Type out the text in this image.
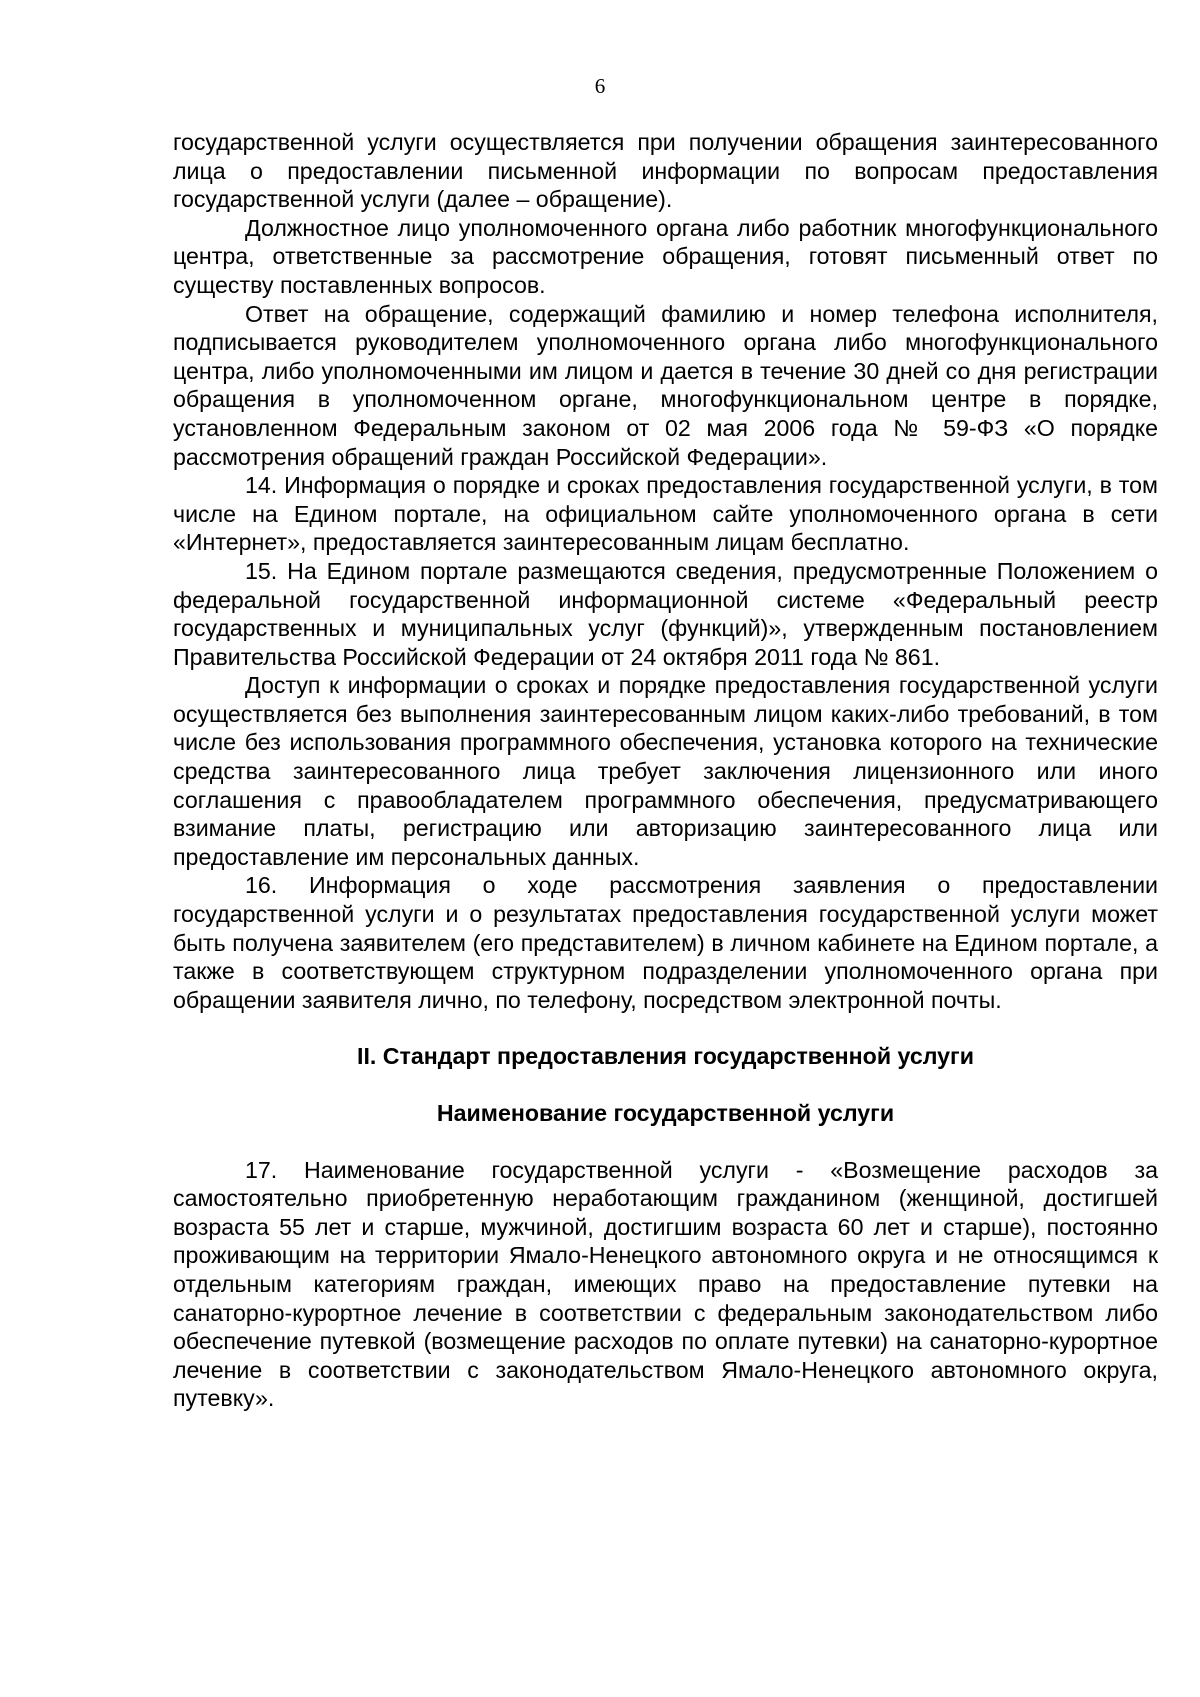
6

государственной услуги осуществляется при получении обращения заинтересованного лица о предоставлении письменной информации по вопросам предоставления государственной услуги (далее – обращение).

Должностное лицо уполномоченного органа либо работник многофункционального центра, ответственные за рассмотрение обращения, готовят письменный ответ по существу поставленных вопросов.

Ответ на обращение, содержащий фамилию и номер телефона исполнителя, подписывается руководителем уполномоченного органа либо многофункционального центра, либо уполномоченными им лицом и дается в течение 30 дней со дня регистрации обращения в уполномоченном органе, многофункциональном центре в порядке, установленном Федеральным законом от 02 мая 2006 года № 59-ФЗ «О порядке рассмотрения обращений граждан Российской Федерации».

14. Информация о порядке и сроках предоставления государственной услуги, в том числе на Едином портале, на официальном сайте уполномоченного органа в сети «Интернет», предоставляется заинтересованным лицам бесплатно.

15. На Едином портале размещаются сведения, предусмотренные Положением о федеральной государственной информационной системе «Федеральный реестр государственных и муниципальных услуг (функций)», утвержденным постановлением Правительства Российской Федерации от 24 октября 2011 года № 861.

Доступ к информации о сроках и порядке предоставления государственной услуги осуществляется без выполнения заинтересованным лицом каких-либо требований, в том числе без использования программного обеспечения, установка которого на технические средства заинтересованного лица требует заключения лицензионного или иного соглашения с правообладателем программного обеспечения, предусматривающего взимание платы, регистрацию или авторизацию заинтересованного лица или предоставление им персональных данных.

16. Информация о ходе рассмотрения заявления о предоставлении государственной услуги и о результатах предоставления государственной услуги может быть получена заявителем (его представителем) в личном кабинете на Едином портале, а также в соответствующем структурном подразделении уполномоченного органа при обращении заявителя лично, по телефону, посредством электронной почты.

II. Стандарт предоставления государственной услуги
Наименование государственной услуги

17. Наименование государственной услуги - «Возмещение расходов за самостоятельно приобретенную неработающим гражданином (женщиной, достигшей возраста 55 лет и старше, мужчиной, достигшим возраста 60 лет и старше), постоянно проживающим на территории Ямало-Ненецкого автономного округа и не относящимся к отдельным категориям граждан, имеющих право на предоставление путевки на санаторно-курортное лечение в соответствии с федеральным законодательством либо обеспечение путевкой (возмещение расходов по оплате путевки) на санаторно-курортное лечение в соответствии с законодательством Ямало-Ненецкого автономного округа, путевку».
